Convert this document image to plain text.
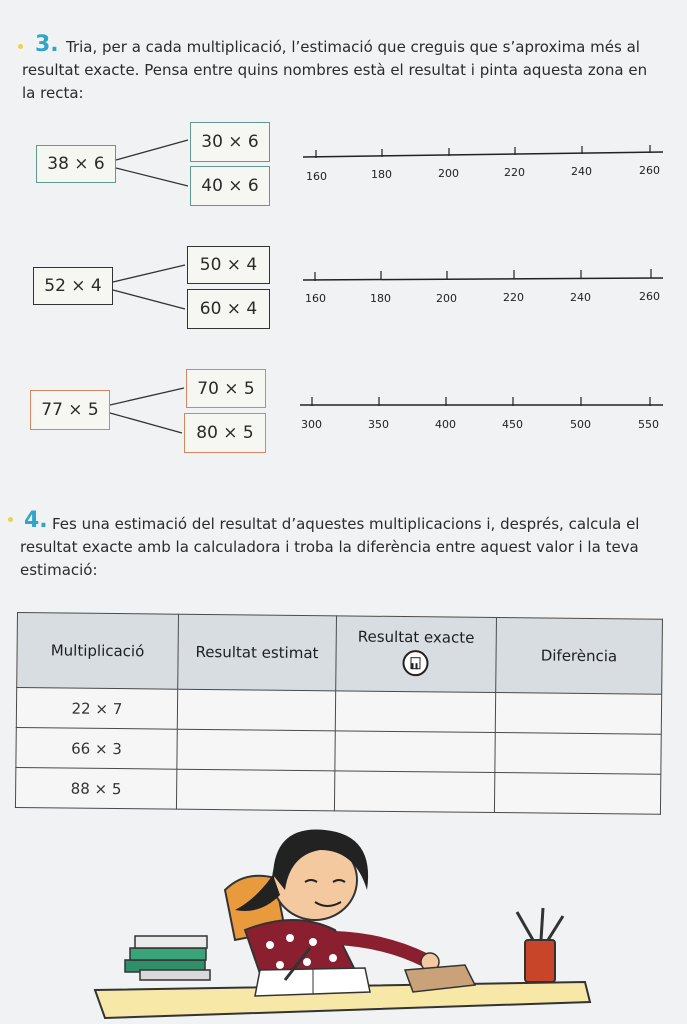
3. Tria, per a cada multiplicació, l’estimació que creguis que s’aproxima més al resultat exacte. Pensa entre quins nombres està el resultat i pinta aquesta zona en la recta:

38 × 6
30 × 6
40 × 6
52 × 4
50 × 4
60 × 4
77 × 5
70 × 5
80 × 5
160	180	200	220	240	260
160	180	200	220	240	260
300	350	400	450	500	550
4. Fes una estimació del resultat d’aquestes multiplicacions i, després, calcula el resultat exacte amb la calculadora i troba la diferència entre aquest valor i la teva estimació:

Multiplicació	Resultat estimat	Resultat exacte	Diferència
22 × 7			
66 × 3			
88 × 5			
